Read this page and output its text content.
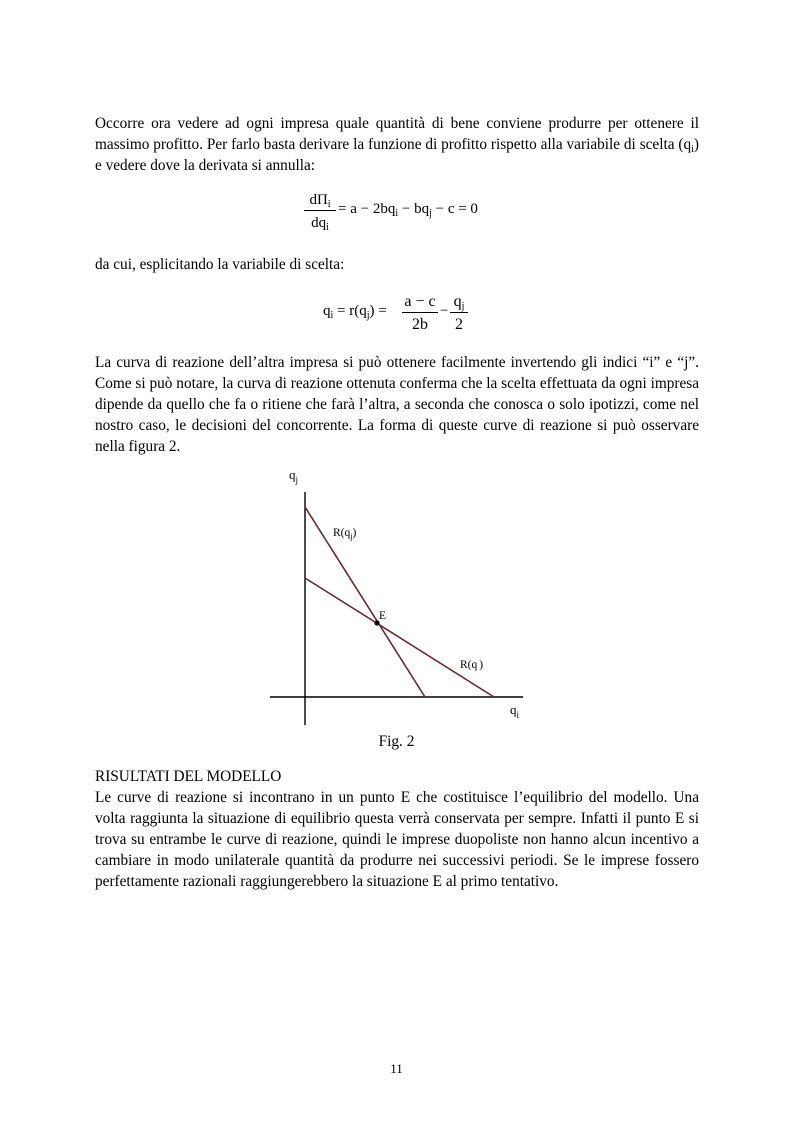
Occorre ora vedere ad ogni impresa quale quantità di bene conviene produrre per ottenere il massimo profitto. Per farlo basta derivare la funzione di profitto rispetto alla variabile di scelta $(q_i)$ e vedere dove la derivata si annulla:

$d\Pi_i$
$dq_i$
= $a - 2bq_i - bq_j - c = 0$

da cui, esplicitando la variabile di scelta:

$q_i = r(q_j)$ =
a − c
2b
−
$q_j$
2

La curva di reazione dell’altra impresa si può ottenere facilmente invertendo gli indici “i” e “j”. Come si può notare, la curva di reazione ottenuta conferma che la scelta effettuata da ogni impresa dipende da quello che fa o ritiene che farà l’altra, a seconda che conosca o solo ipotizzi, come nel nostro caso, le decisioni del concorrente. La forma di queste curve di reazione si può osservare nella figura 2.

$q_j$
$q_i$
$R(q_j)$
R(q )
E
Fig. 2
RISULTATI DEL MODELLO

Le curve di reazione si incontrano in un punto E che costituisce l’equilibrio del modello. Una volta raggiunta la situazione di equilibrio questa verrà conservata per sempre. Infatti il punto E si trova su entrambe le curve di reazione, quindi le imprese duopoliste non hanno alcun incentivo a cambiare in modo unilaterale quantità da produrre nei successivi periodi. Se le imprese fossero perfettamente razionali raggiungerebbero la situazione E al primo tentativo.

11
